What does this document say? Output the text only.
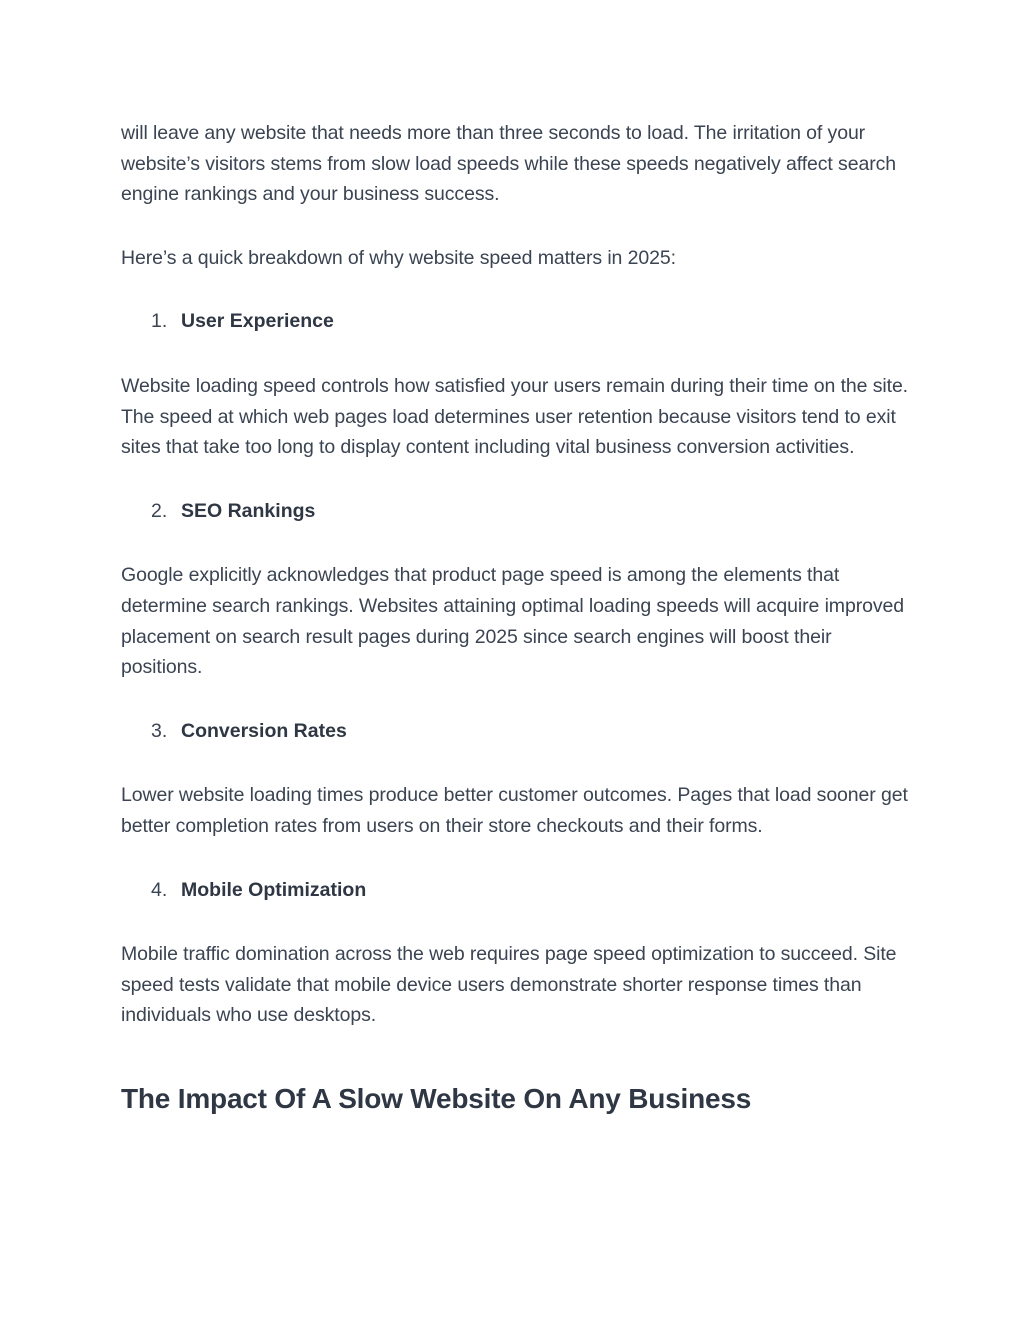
will leave any website that needs more than three seconds to load. The irritation of your website’s visitors stems from slow load speeds while these speeds negatively affect search engine rankings and your business success.

Here’s a quick breakdown of why website speed matters in 2025:

1. User Experience

Website loading speed controls how satisfied your users remain during their time on the site. The speed at which web pages load determines user retention because visitors tend to exit sites that take too long to display content including vital business conversion activities.

2. SEO Rankings

Google explicitly acknowledges that product page speed is among the elements that determine search rankings. Websites attaining optimal loading speeds will acquire improved placement on search result pages during 2025 since search engines will boost their positions.

3. Conversion Rates

Lower website loading times produce better customer outcomes. Pages that load sooner get better completion rates from users on their store checkouts and their forms.

4. Mobile Optimization

Mobile traffic domination across the web requires page speed optimization to succeed. Site speed tests validate that mobile device users demonstrate shorter response times than individuals who use desktops.

The Impact Of A Slow Website On Any Business
